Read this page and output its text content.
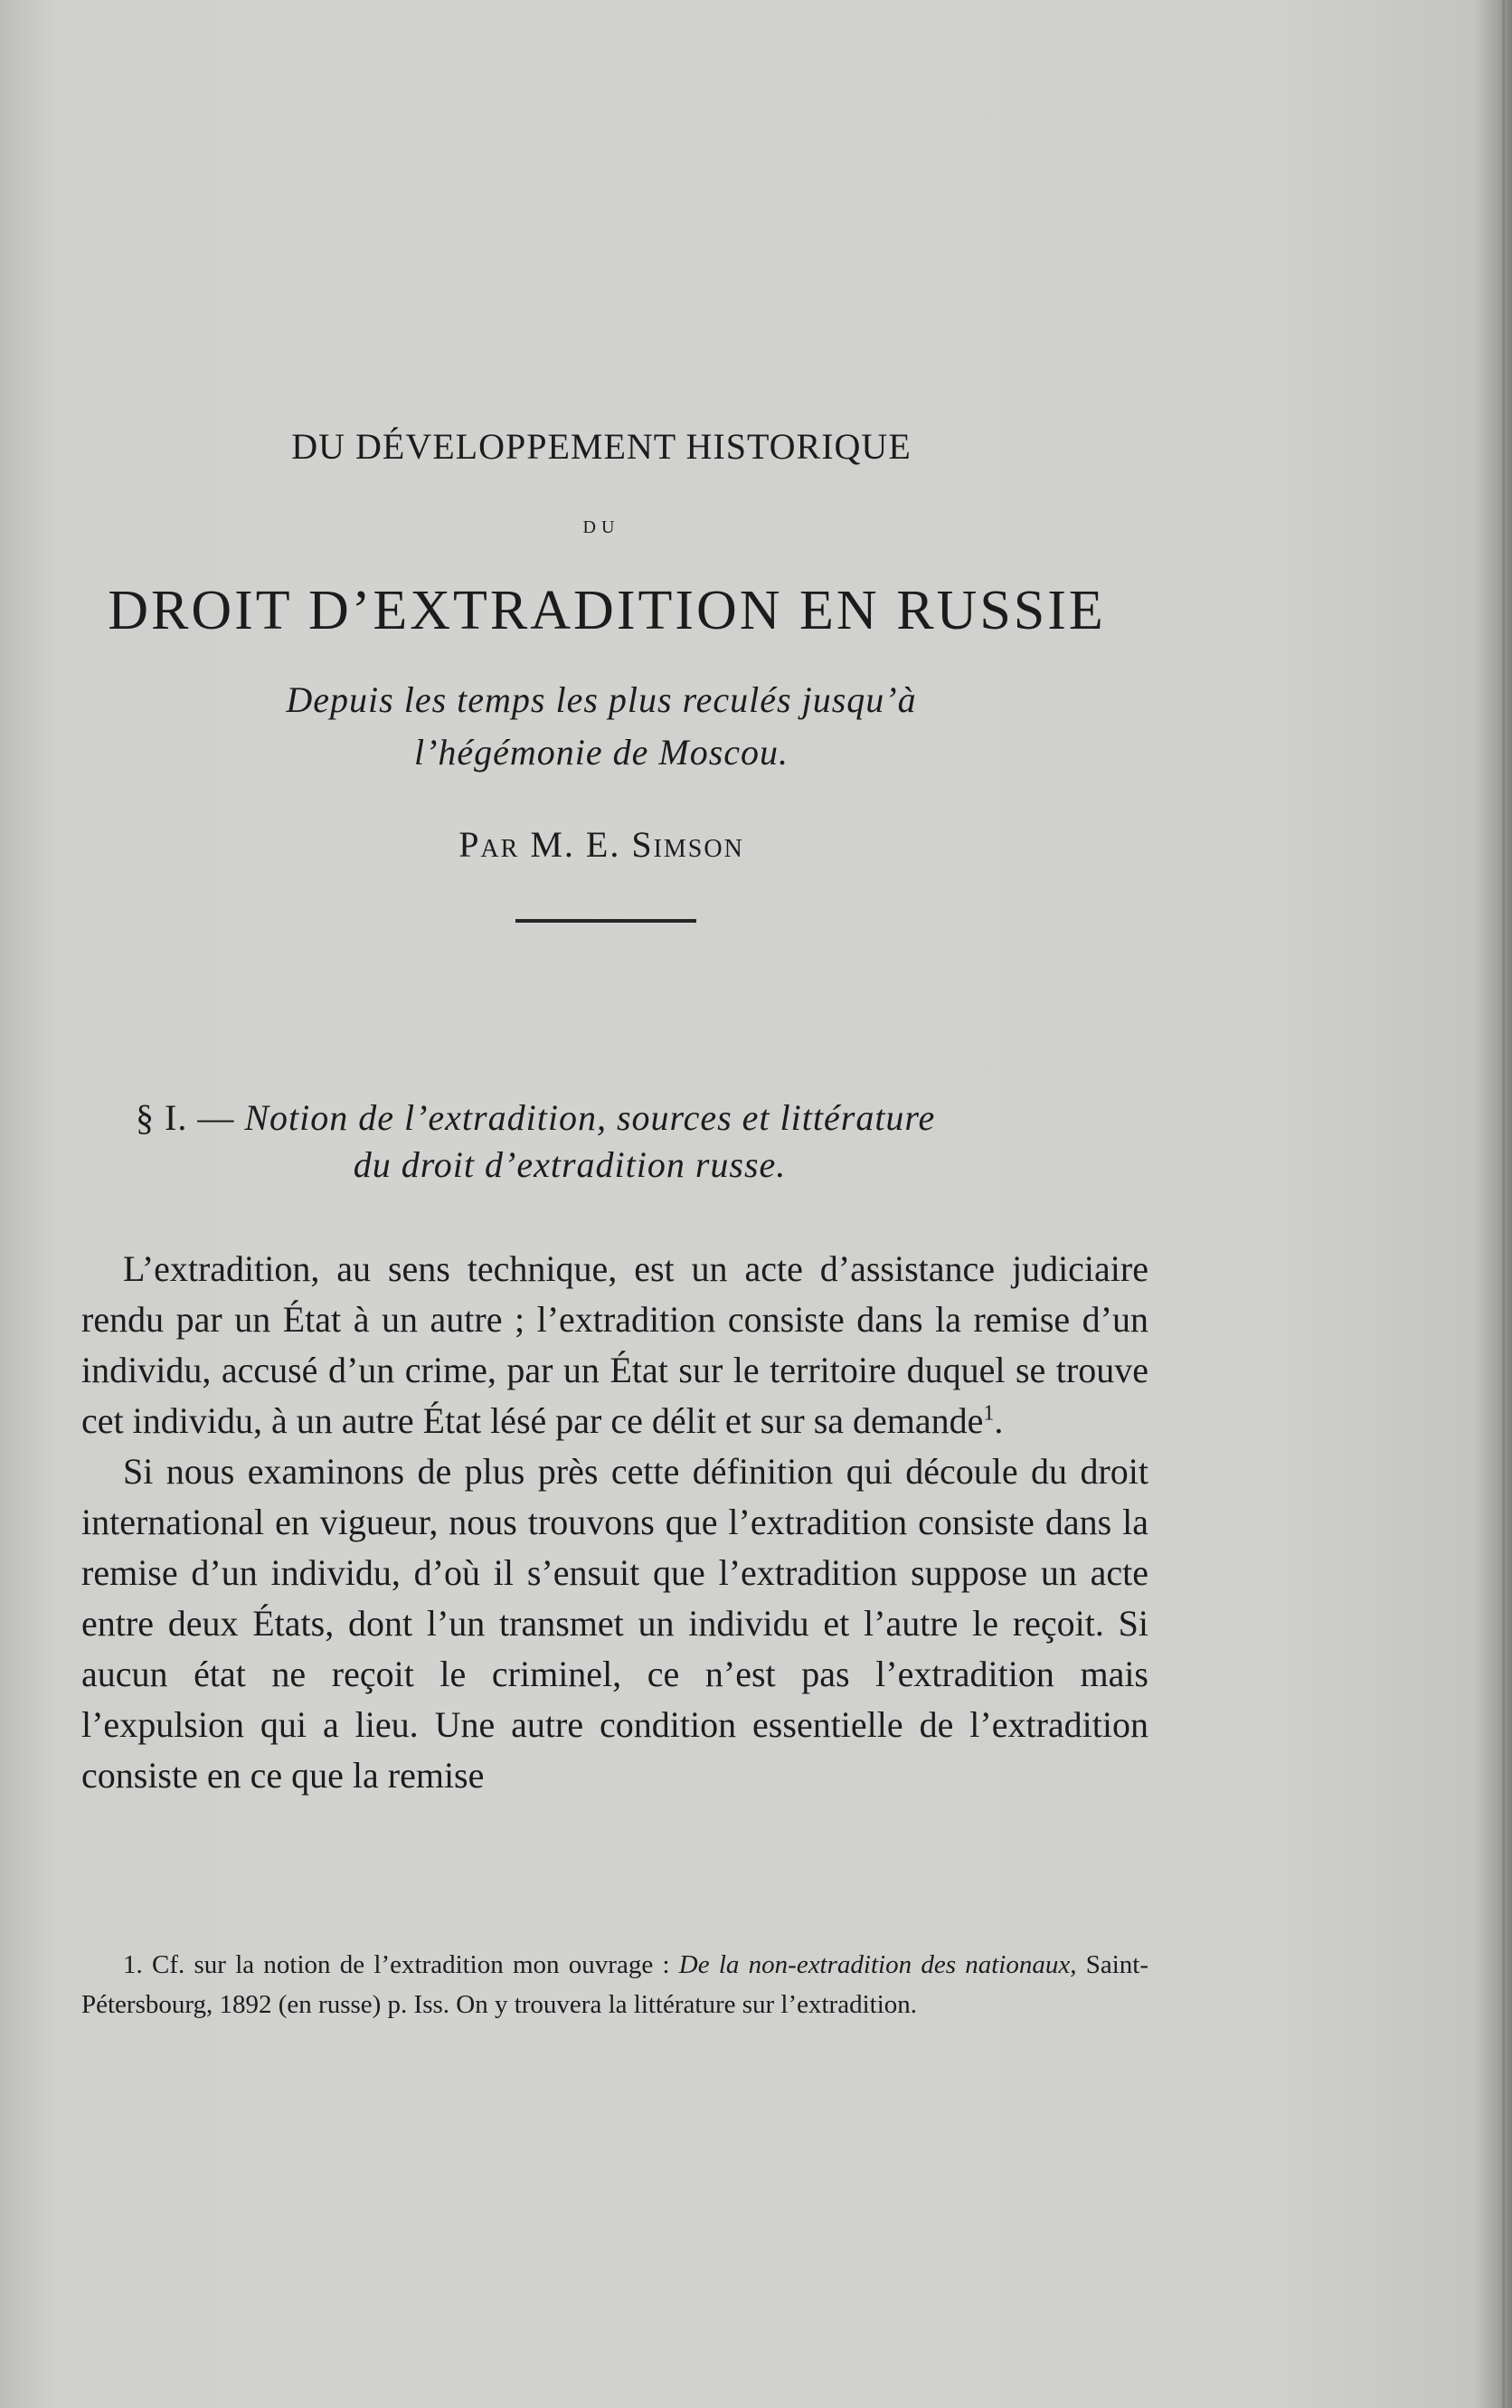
DU DÉVELOPPEMENT HISTORIQUE
DU
DROIT D’EXTRADITION EN RUSSIE
Depuis les temps les plus reculés jusqu’à
l’hégémonie de Moscou.
Par M. E. Simson
§ I. — Notion de l’extradition, sources et littérature
du droit d’extradition russe.

L’extradition, au sens technique, est un acte d’assistance judiciaire rendu par un État à un autre ; l’extradition consiste dans la remise d’un individu, accusé d’un crime, par un État sur le territoire duquel se trouve cet individu, à un autre État lésé par ce délit et sur sa demande$^1$.

Si nous examinons de plus près cette définition qui découle du droit international en vigueur, nous trouvons que l’extradition consiste dans la remise d’un individu, d’où il s’ensuit que l’extradition suppose un acte entre deux États, dont l’un transmet un individu et l’autre le reçoit. Si aucun état ne reçoit le criminel, ce n’est pas l’extradition mais l’expulsion qui a lieu. Une autre condition essentielle de l’extradition consiste en ce que la remise

1. Cf. sur la notion de l’extradition mon ouvrage : De la non-extradition des nationaux, Saint-Pétersbourg, 1892 (en russe) p. Iss. On y trouvera la littérature sur l’extradition.
